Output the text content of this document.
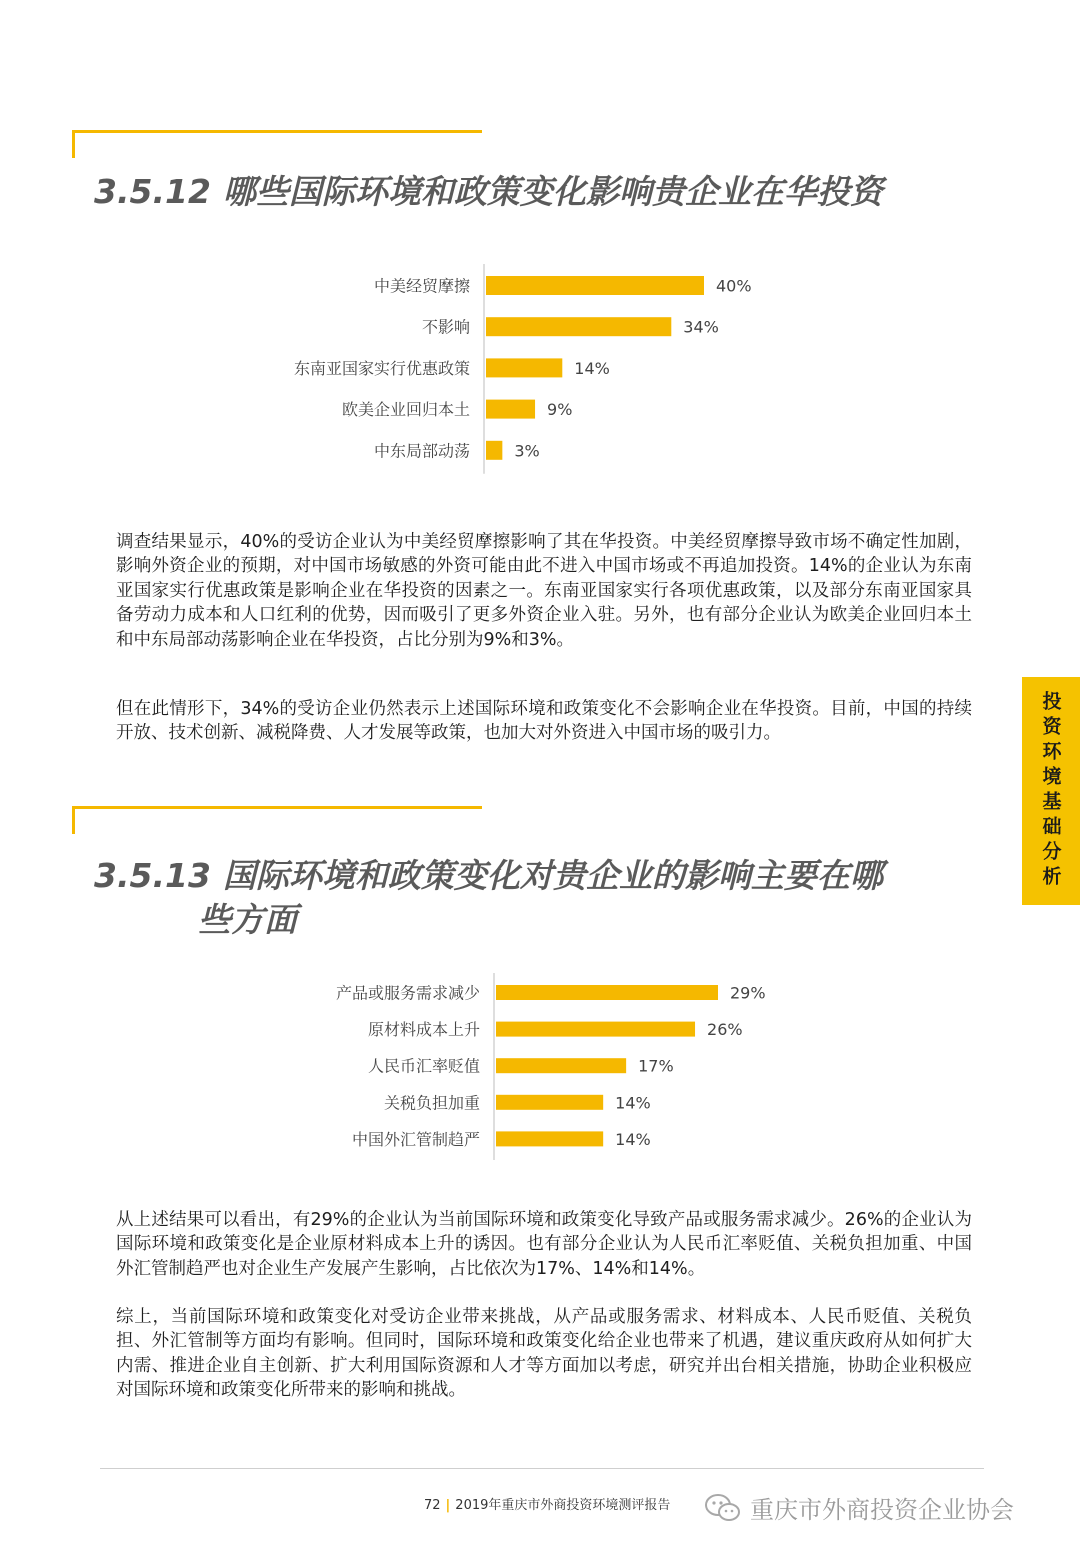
3.5.12 哪些国际环境和政策变化影响贵企业在华投资
中美经贸摩擦	40%
不影响	34%
东南亚国家实行优惠政策	14%
欧美企业回归本土	9%
中东局部动荡	3%

调查结果显示，40%的受访企业认为中美经贸摩擦影响了其在华投资。中美经贸摩擦导致市场不确定性加剧，影响外资企业的预期，对中国市场敏感的外资可能由此不进入中国市场或不再追加投资。14%的企业认为东南亚国家实行优惠政策是影响企业在华投资的因素之一。东南亚国家实行各项优惠政策，以及部分东南亚国家具备劳动力成本和人口红利的优势，因而吸引了更多外资企业入驻。另外，也有部分企业认为欧美企业回归本土和中东局部动荡影响企业在华投资，占比分别为9%和3%。

但在此情形下，34%的受访企业仍然表示上述国际环境和政策变化不会影响企业在华投资。目前，中国的持续开放、技术创新、减税降费、人才发展等政策，也加大对外资进入中国市场的吸引力。

3.5.13 国际环境和政策变化对贵企业的影响主要在哪
些方面
产品或服务需求减少	29%
原材料成本上升	26%
人民币汇率贬值	17%
关税负担加重	14%
中国外汇管制趋严	14%

从上述结果可以看出，有29%的企业认为当前国际环境和政策变化导致产品或服务需求减少。26%的企业认为国际环境和政策变化是企业原材料成本上升的诱因。也有部分企业认为人民币汇率贬值、关税负担加重、中国外汇管制趋严也对企业生产发展产生影响，占比依次为17%、14%和14%。

综上，当前国际环境和政策变化对受访企业带来挑战，从产品或服务需求、材料成本、人民币贬值、关税负担、外汇管制等方面均有影响。但同时，国际环境和政策变化给企业也带来了机遇，建议重庆政府从如何扩大内需、推进企业自主创新、扩大利用国际资源和人才等方面加以考虑，研究并出台相关措施，协助企业积极应对国际环境和政策变化所带来的影响和挑战。

投资环境基础分析
72 | 2019年重庆市外商投资环境测评报告	重庆市外商投资企业协会
